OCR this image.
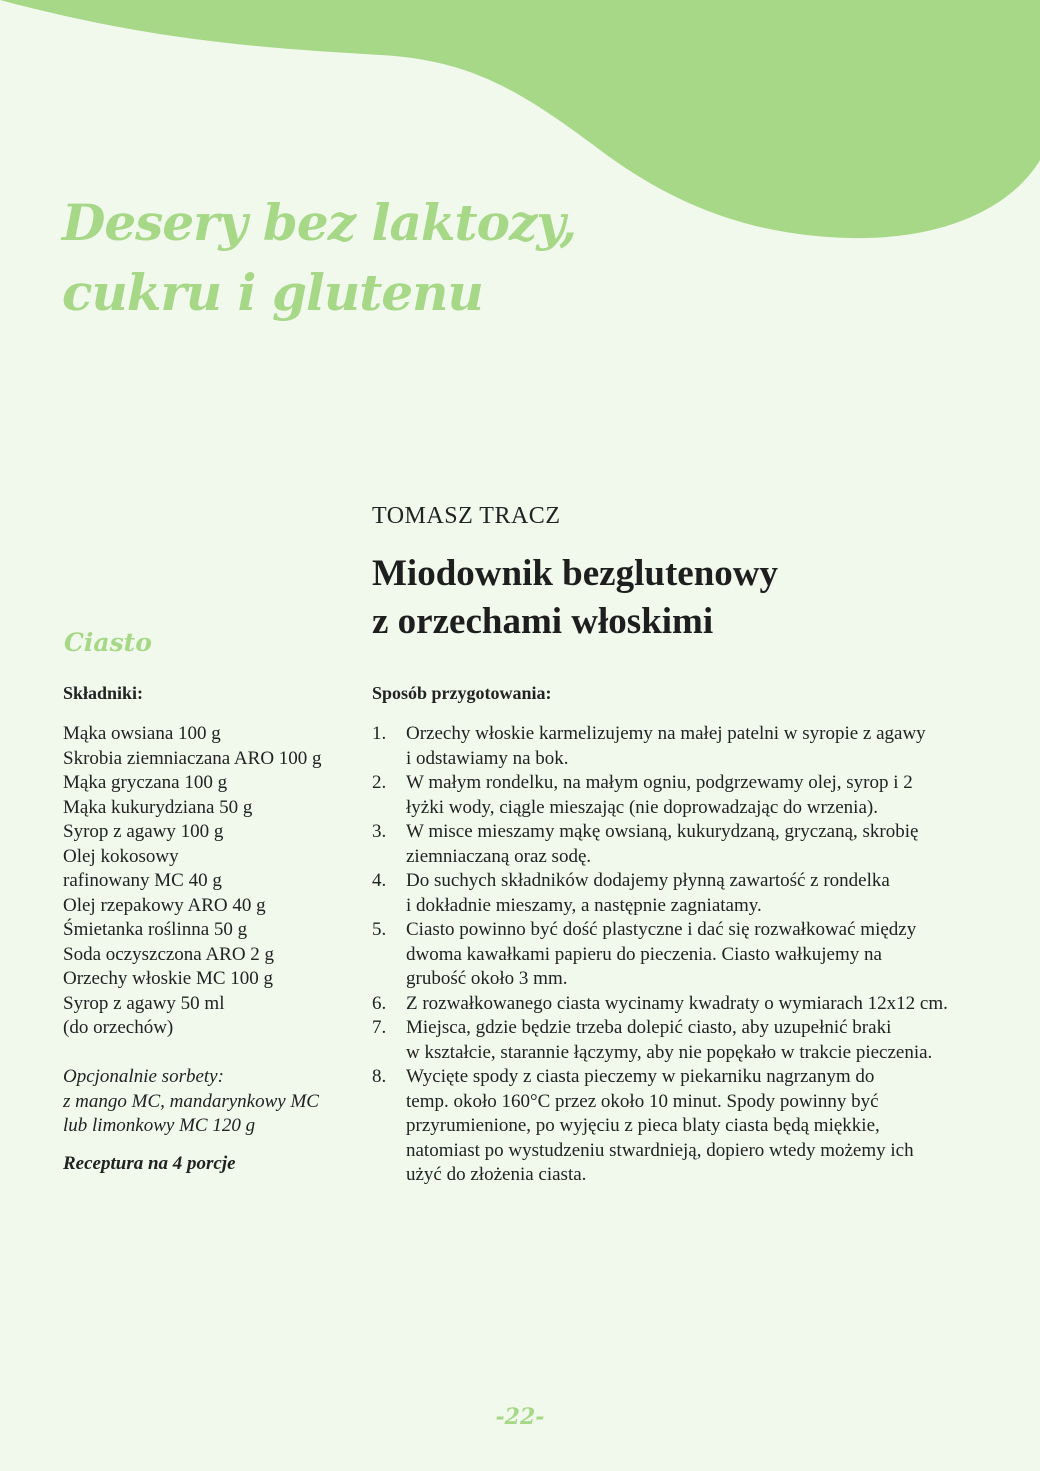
Desery bez laktozy,
cukru i glutenu
TOMASZ TRACZ
Miodownik bezglutenowy
z orzechami włoskimi
Ciasto
Składniki:
Mąka owsiana 100 g
Skrobia ziemniaczana ARO 100 g
Mąka gryczana 100 g
Mąka kukurydziana 50 g
Syrop z agawy 100 g
Olej kokosowy
rafinowany MC 40 g
Olej rzepakowy ARO 40 g
Śmietanka roślinna 50 g
Soda oczyszczona ARO 2 g
Orzechy włoskie MC 100 g
Syrop z agawy 50 ml
(do orzechów)
Opcjonalnie sorbety:
z mango MC, mandarynkowy MC
lub limonkowy MC 120 g
Receptura na 4 porcje
Sposób przygotowania:
1.	Orzechy włoskie karmelizujemy na małej patelni w syropie z agawy
i odstawiamy na bok.
2.	W małym rondelku, na małym ogniu, podgrzewamy olej, syrop i 2
łyżki wody, ciągle mieszając (nie doprowadzając do wrzenia).
3.	W misce mieszamy mąkę owsianą, kukurydzaną, gryczaną, skrobię
ziemniaczaną oraz sodę.
4.	Do suchych składników dodajemy płynną zawartość z rondelka
i dokładnie mieszamy, a następnie zagniatamy.
5.	Ciasto powinno być dość plastyczne i dać się rozwałkować między
dwoma kawałkami papieru do pieczenia. Ciasto wałkujemy na
grubość około 3 mm.
6.	Z rozwałkowanego ciasta wycinamy kwadraty o wymiarach 12x12 cm.
7.	Miejsca, gdzie będzie trzeba dolepić ciasto, aby uzupełnić braki
w kształcie, starannie łączymy, aby nie popękało w trakcie pieczenia.
8.	Wycięte spody z ciasta pieczemy w piekarniku nagrzanym do
temp. około 160°C przez około 10 minut. Spody powinny być
przyrumienione, po wyjęciu z pieca blaty ciasta będą miękkie,
natomiast po wystudzeniu stwardnieją, dopiero wtedy możemy ich
użyć do złożenia ciasta.
-22-
